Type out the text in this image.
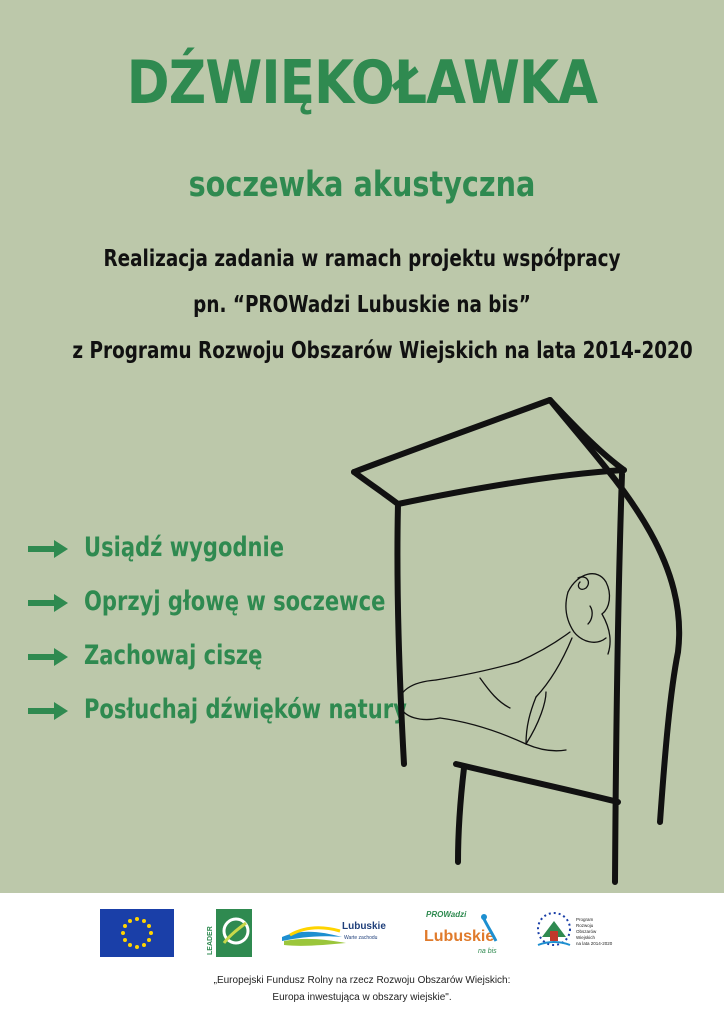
DŹWIĘKOŁAWKA
soczewka akustyczna
Realizacja zadania w ramach projektu współpracy
pn. “PROWadzi Lubuskie na bis”
z Programu Rozwoju Obszarów Wiejskich na lata 2014-2020
Usiądź wygodnie
Oprzyj głowę w soczewce
Zachowaj ciszę
Posłuchaj dźwięków natury
LEADER	Lubuskie
Warte zachodu
PROWadzi
Lubuskie
na bis
Program
Rozwoju
Obszarów
Wiejskich
na lata 2014-2020
„Europejski Fundusz Rolny na rzecz Rozwoju Obszarów Wiejskich:
Europa inwestująca w obszary wiejskie".
